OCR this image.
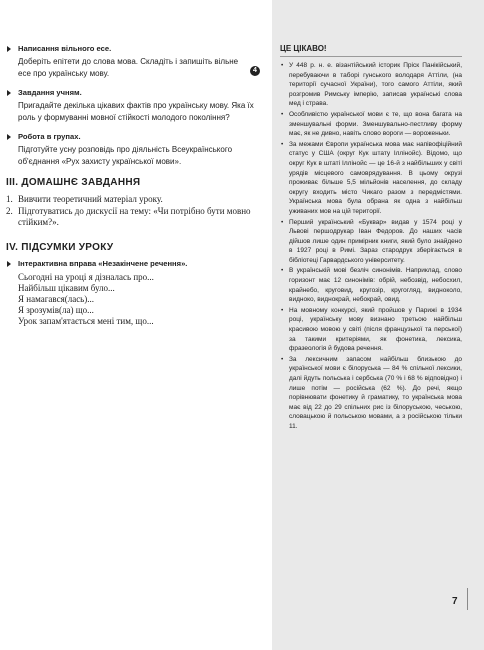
Написання вільного есе.
Доберіть епітети до слова мова. Складіть і запишіть вільне есе про українську мову.	4
Завдання учням.
Пригадайте декілька цікавих фактів про українську мову. Яка їх роль у формуванні мовної стійкості молодого покоління?
Робота в групах.
Підготуйте усну розповідь про діяльність Всеукраїнського об'єднання «Рух захисту української мови».
III. ДОМАШНЄ ЗАВДАННЯ
1. Вивчити теоретичний матеріал уроку.
2. Підготуватись до дискусії на тему: «Чи потрібно бути мовно стійким?».
IV. ПІДСУМКИ УРОКУ
Інтерактивна вправа «Незакінчене речення».
Сьогодні на уроці я дізналась про...
Найбільш цікавим було...
Я намагався(лась)...
Я зрозумів(ла) що...
Урок запам'ятається мені тим, що...
ЦЕ ЦІКАВО!
• У 448 р. н. е. візантійський історик Пріск Панікійський, перебуваючи в таборі гунського володаря Аттіли, (на території сучасної України), того самого Аттіли, який розгромив Римську імперію, записав українські слова мед і страва.
• Особливістю української мови є те, що вона багата на зменшувальні форми. Зменшувально-пестливу форму має, як не дивно, навіть слово вороги — вороженьки.
• За межами Європи українська мова має напівофіційний статус у США (округ Кук штату Іллінойс). Відомо, що округ Кук в штаті Іллінойс — це 16-й з найбільших у світі урядів місцевого самоврядування. В цьому окрузі проживає більше 5,5 мільйонів населення, до складу округу входить місто Чикаго разом з передмістями. Українська мова була обрана як одна з найбільш уживаних мов на цій території.
• Перший український «Буквар» видав у 1574 році у Львові першодрукар Іван Федоров. До наших часів дійшов лише один примірник книги, який було знайдено в 1927 році в Римі. Зараз стародрук зберігається в бібліотеці Гарвардського університету.
• В українській мові безліч синонімів. Наприклад, слово горизонт має 12 синонімів: обрій, небозвід, небосхил, крайнебо, круговид, кругозір, кругогляд, видноколо, видноко, виднокрай, небокрай, овид.
• На мовному конкурсі, який пройшов у Парижі в 1934 році, українську мову визнано третьою найбільш красивою мовою у світі (після французької та перської) за такими критеріями, як фонетика, лексика, фразеологія й будова речення.
• За лексичним запасом найбільш близькою до української мови є білоруська — 84 % спільної лексики, далі йдуть польська і сербська (70 % і 68 % відповідно) і лише потім — російська (62 %). До речі, якщо порівнювати фонетику й граматику, то українська мова має від 22 до 29 спільних рис із білоруською, чеською, словацькою й польською мовами, а з російською тільки 11.
7
